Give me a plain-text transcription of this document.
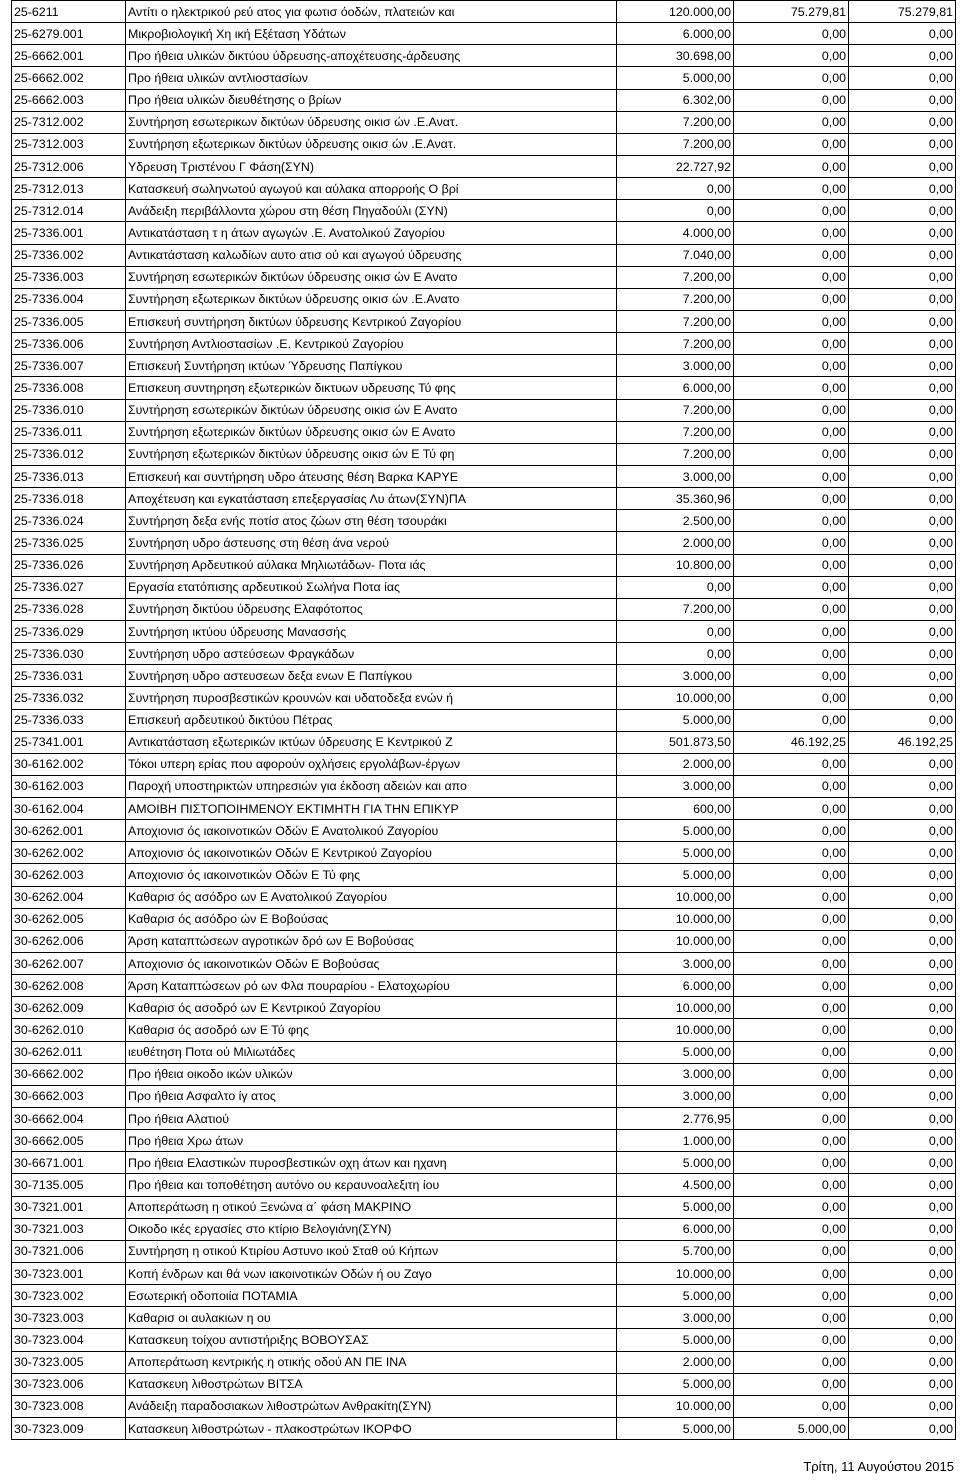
25-6211	Αντίτι ο ηλεκτρικού ρεύ ατος για φωτισ όοδών, πλατειών και	120.000,00	75.279,81	75.279,81
25-6279.001	Μικροβιολογική Χη ική Εξέταση Υδάτων	6.000,00	0,00	0,00
25-6662.001	Προ ήθεια υλικών δικτύου ύδρευσης-αποχέτευσης-άρδευσης	30.698,00	0,00	0,00
25-6662.002	Προ ήθεια υλικών αντλιοστασίων	5.000,00	0,00	0,00
25-6662.003	Προ ήθεια υλικών διευθέτησης ο βρίων	6.302,00	0,00	0,00
25-7312.002	Συντήρηση εσωτερικων δικτύων ύδρευσης οικισ ών .Ε.Ανατ.	7.200,00	0,00	0,00
25-7312.003	Συντήρηση εξωτερικων δικτύων ύδρευσης οικισ ών .Ε.Ανατ.	7.200,00	0,00	0,00
25-7312.006	Υδρευση Τριστένου Γ Φάση(ΣΥΝ)	22.727,92	0,00	0,00
25-7312.013	Κατασκευή σωληνωτού αγωγού και αύλακα απορροής Ο βρί	0,00	0,00	0,00
25-7312.014	Ανάδειξη περιβάλλοντα χώρου στη θέση Πηγαδούλι (ΣΥΝ)	0,00	0,00	0,00
25-7336.001	Αντικατάσταση τ η άτων αγωγών .Ε. Ανατολικού Ζαγορίου	4.000,00	0,00	0,00
25-7336.002	Αντικατάσταση καλωδίων αυτο ατισ ού και αγωγού ύδρευσης	7.040,00	0,00	0,00
25-7336.003	Συντήρηση εσωτερικών δικτύων ύδρευσης οικισ ών Ε Ανατο	7.200,00	0,00	0,00
25-7336.004	Συντήρηση εξωτερικων δικτύων ύδρευσης οικισ ών .Ε.Ανατο	7.200,00	0,00	0,00
25-7336.005	Επισκευή συντήρηση δικτύων ύδρευσης Κεντρικού Ζαγορίου	7.200,00	0,00	0,00
25-7336.006	Συντήρηση Αντλιοστασίων .Ε. Κεντρικού Ζαγορίου	7.200,00	0,00	0,00
25-7336.007	Επισκευή Συντήρηση ικτύων Ύδρευσης Παπίγκου	3.000,00	0,00	0,00
25-7336.008	Επισκευη συντηρηση εξωτερικών δικτυων υδρευσης Τύ φης	6.000,00	0,00	0,00
25-7336.010	Συντήρηση εσωτερικών δικτύων ύδρευσης οικισ ών Ε Ανατο	7.200,00	0,00	0,00
25-7336.011	Συντήρηση εξωτερικών δικτύων ύδρευσης οικισ ών Ε Ανατο	7.200,00	0,00	0,00
25-7336.012	Συντήρηση εξωτερικών δικτύων ύδρευσης οικισ ών Ε Τύ φη	7.200,00	0,00	0,00
25-7336.013	Επισκευή και συντήρηση υδρο άτευσης θέση Βαρκα ΚΑΡΥΕ	3.000,00	0,00	0,00
25-7336.018	Αποχέτευση και εγκατάσταση επεξεργασίας Λυ άτων(ΣΥΝ)ΠΑ	35.360,96	0,00	0,00
25-7336.024	Συντήρηση δεξα ενής ποτίσ ατος ζώων στη θέση τσουράκι	2.500,00	0,00	0,00
25-7336.025	Συντήρηση υδρο άστευσης στη θέση άνα νερού	2.000,00	0,00	0,00
25-7336.026	Συντήρηση Αρδευτικού αύλακα Μηλιωτάδων- Ποτα ιάς	10.800,00	0,00	0,00
25-7336.027	Εργασία ετατόπισης αρδευτικού Σωλήνα Ποτα ίας	0,00	0,00	0,00
25-7336.028	Συντήρηση δικτύου ύδρευσης Ελαφότοπος	7.200,00	0,00	0,00
25-7336.029	Συντήρηση ικτύου ύδρευσης Μανασσής	0,00	0,00	0,00
25-7336.030	Συντήρηση υδρο αστεύσεων Φραγκάδων	0,00	0,00	0,00
25-7336.031	Συντήρηση υδρο αστευσεων δεξα ενων Ε Παπίγκου	3.000,00	0,00	0,00
25-7336.032	Συντήρηση πυροσβεστικών κρουνών και υδατοδεξα ενών ή	10.000,00	0,00	0,00
25-7336.033	Επισκευή αρδευτικού δικτύου Πέτρας	5.000,00	0,00	0,00
25-7341.001	Αντικατάσταση εξωτερικών ικτύων ύδρευσης Ε Κεντρικού Ζ	501.873,50	46.192,25	46.192,25
30-6162.002	Τόκοι υπερη ερίας που αφορούν οχλήσεις εργολάβων-έργων	2.000,00	0,00	0,00
30-6162.003	Παροχή υποστηρικτών υπηρεσιών για έκδοση αδειών και απο	3.000,00	0,00	0,00
30-6162.004	ΑΜΟΙΒΗ ΠΙΣΤΟΠΟΙΗΜΕΝΟΥ ΕΚΤΙΜΗΤΗ ΓΙΑ ΤΗΝ ΕΠΙΚΥΡ	600,00	0,00	0,00
30-6262.001	Αποχιονισ ός ιακοινοτικών Οδών Ε Ανατολικού Ζαγορίου	5.000,00	0,00	0,00
30-6262.002	Αποχιονισ ός ιακοινοτικών Οδών Ε Κεντρικού Ζαγορίου	5.000,00	0,00	0,00
30-6262.003	Αποχιονισ ός ιακοινοτικών Οδών Ε Τύ φης	5.000,00	0,00	0,00
30-6262.004	Καθαρισ ός ασόδρο ων Ε Ανατολικού Ζαγορίου	10.000,00	0,00	0,00
30-6262.005	Καθαρισ ός ασόδρο ών Ε Βοβούσας	10.000,00	0,00	0,00
30-6262.006	Άρση καταπτώσεων αγροτικών δρό ων Ε Βοβούσας	10.000,00	0,00	0,00
30-6262.007	Αποχιονισ ός ιακοινοτικών Οδών Ε Βοβούσας	3.000,00	0,00	0,00
30-6262.008	Άρση Καταπτώσεων ρό ων Φλα πουραρίου - Ελατοχωρίου	6.000,00	0,00	0,00
30-6262.009	Καθαρισ ός ασοδρό ων Ε Κεντρικού Ζαγορίου	10.000,00	0,00	0,00
30-6262.010	Καθαρισ ός ασοδρό ων Ε Τύ φης	10.000,00	0,00	0,00
30-6262.011	ιευθέτηση Ποτα ού Μιλιωτάδες	5.000,00	0,00	0,00
30-6662.002	Προ ήθεια οικοδο ικών υλικών	3.000,00	0,00	0,00
30-6662.003	Προ ήθεια Ασφαλτο ίγ ατος	3.000,00	0,00	0,00
30-6662.004	Προ ήθεια Αλατιού	2.776,95	0,00	0,00
30-6662.005	Προ ήθεια Χρω άτων	1.000,00	0,00	0,00
30-6671.001	Προ ήθεια Ελαστικών πυροσβεστικών οχη άτων και ηχανη	5.000,00	0,00	0,00
30-7135.005	Προ ήθεια και τοποθέτηση αυτόνο ου κεραυνοαλεξιτη ίου	4.500,00	0,00	0,00
30-7321.001	Αποπεράτωση η οτικού Ξενώνα α΄ φάση ΜΑΚΡΙΝΟ	5.000,00	0,00	0,00
30-7321.003	Οικοδο ικές εργασίες στο κτίριο Βελογιάνη(ΣΥΝ)	6.000,00	0,00	0,00
30-7321.006	Συντήρηση η οτικού Κτιρίου Αστυνο ικού Σταθ ού Κήπων	5.700,00	0,00	0,00
30-7323.001	Κοπή ένδρων και θά νων ιακοινοτικών Οδών ή ου Ζαγο	10.000,00	0,00	0,00
30-7323.002	Εσωτερική οδοποιία ΠΟΤΑΜΙΑ	5.000,00	0,00	0,00
30-7323.003	Καθαρισ οι αυλακιων η ου	3.000,00	0,00	0,00
30-7323.004	Κατασκευη τοίχου αντιστήριξης ΒΟΒΟΥΣΑΣ	5.000,00	0,00	0,00
30-7323.005	Αποπεράτωση κεντρικής η οτικής οδού ΑΝ ΠΕ ΙΝΑ	2.000,00	0,00	0,00
30-7323.006	Κατασκευη λιθοστρώτων ΒΙΤΣΑ	5.000,00	0,00	0,00
30-7323.008	Ανάδειξη παραδοσιακων λιθοστρώτων Ανθρακίτη(ΣΥΝ)	10.000,00	0,00	0,00
30-7323.009	Κατασκευη λιθοστρώτων - πλακοστρώτων ΙΚΟΡΦΟ	5.000,00	5.000,00	0,00
Τρίτη, 11 Αυγούστου 2015
